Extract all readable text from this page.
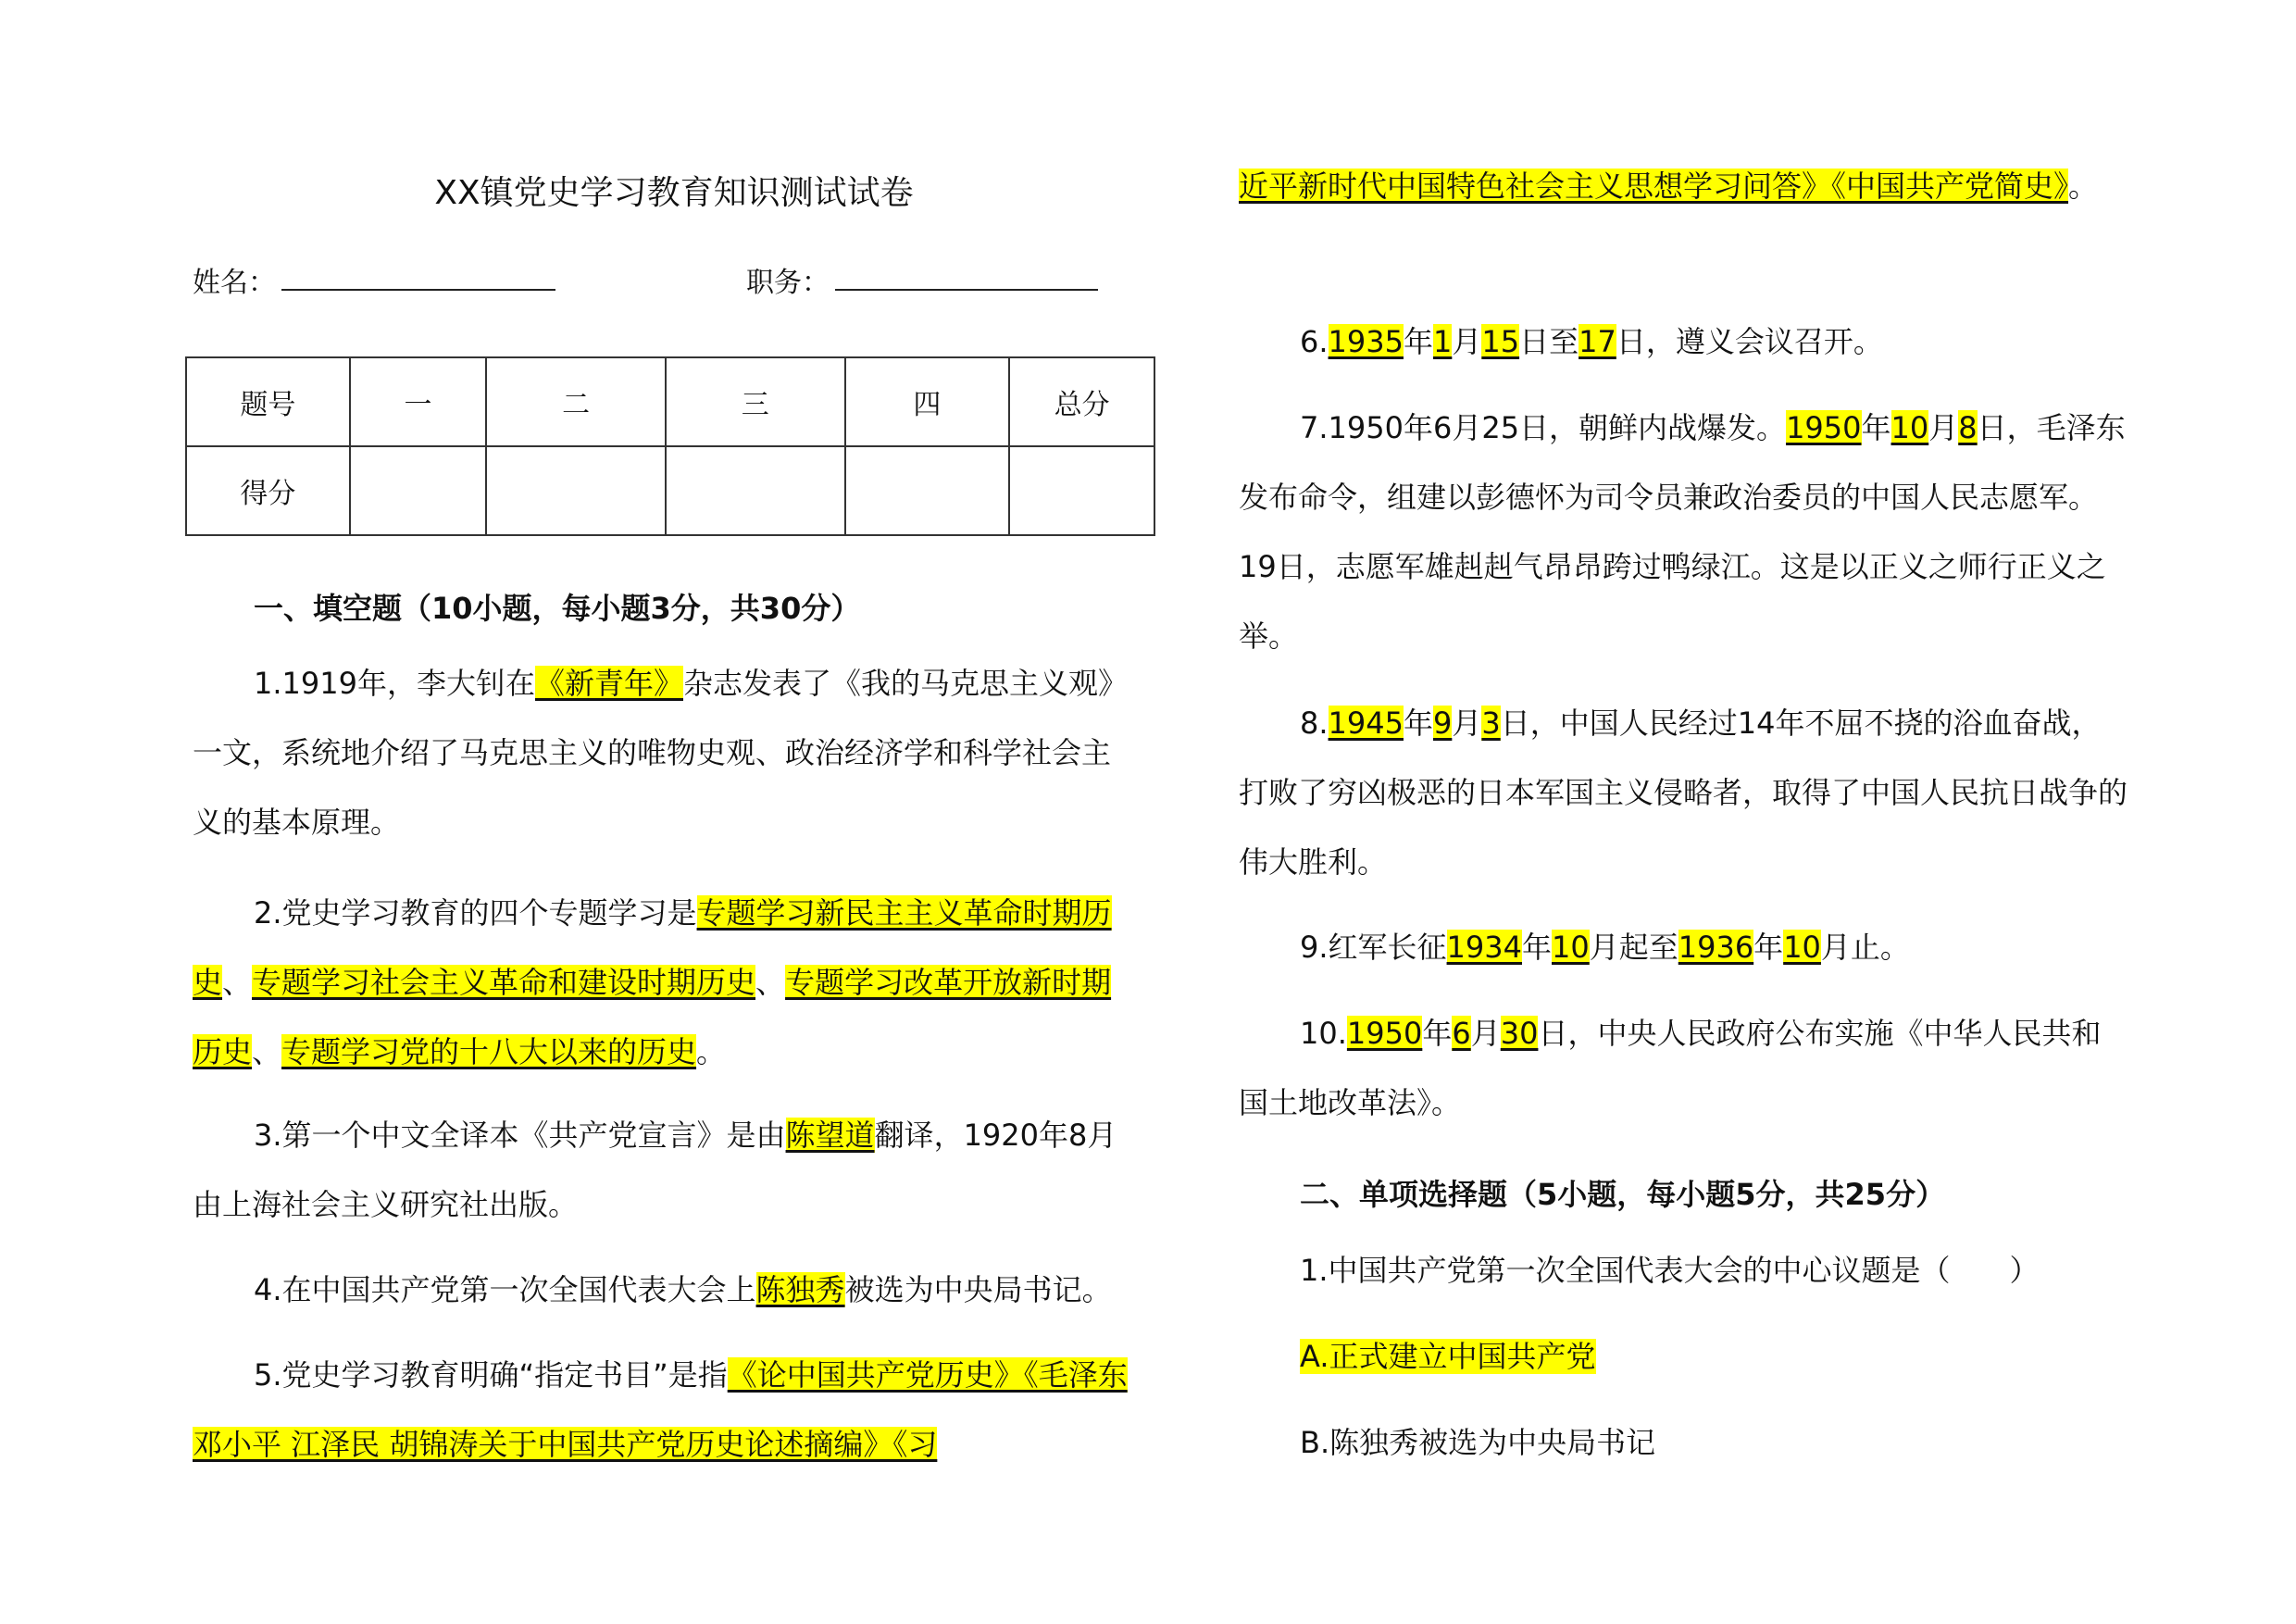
XX镇党史学习教育知识测试试卷
姓名：	职务：
题号	一	二	三	四	总分
得分					
一、填空题（10小题，每小题3分，共30分）

1.1919年，李大钊在《新青年》杂志发表了《我的马克思主义观》一文，系统地介绍了马克思主义的唯物史观、政治经济学和科学社会主义的基本原理。

2.党史学习教育的四个专题学习是专题学习新民主主义革命时期历史、专题学习社会主义革命和建设时期历史、专题学习改革开放新时期历史、专题学习党的十八大以来的历史。

3.第一个中文全译本《共产党宣言》是由陈望道翻译，1920年8月由上海社会主义研究社出版。

4.在中国共产党第一次全国代表大会上陈独秀被选为中央局书记。

5.党史学习教育明确“指定书目”是指《论中国共产党历史》《毛泽东 邓小平 江泽民 胡锦涛关于中国共产党历史论述摘编》《习

近平新时代中国特色社会主义思想学习问答》《中国共产党简史》。

6.1935年1月15日至17日，遵义会议召开。

7.1950年6月25日，朝鲜内战爆发。1950年10月8日，毛泽东发布命令，组建以彭德怀为司令员兼政治委员的中国人民志愿军。19日，志愿军雄赳赳气昂昂跨过鸭绿江。这是以正义之师行正义之举。

8.1945年9月3日，中国人民经过14年不屈不挠的浴血奋战，打败了穷凶极恶的日本军国主义侵略者，取得了中国人民抗日战争的伟大胜利。

9.红军长征1934年10月起至1936年10月止。

10.1950年6月30日，中央人民政府公布实施《中华人民共和国土地改革法》。

二、单项选择题（5小题，每小题5分，共25分）

1.中国共产党第一次全国代表大会的中心议题是（　　）

A.正式建立中国共产党

B.陈独秀被选为中央局书记
